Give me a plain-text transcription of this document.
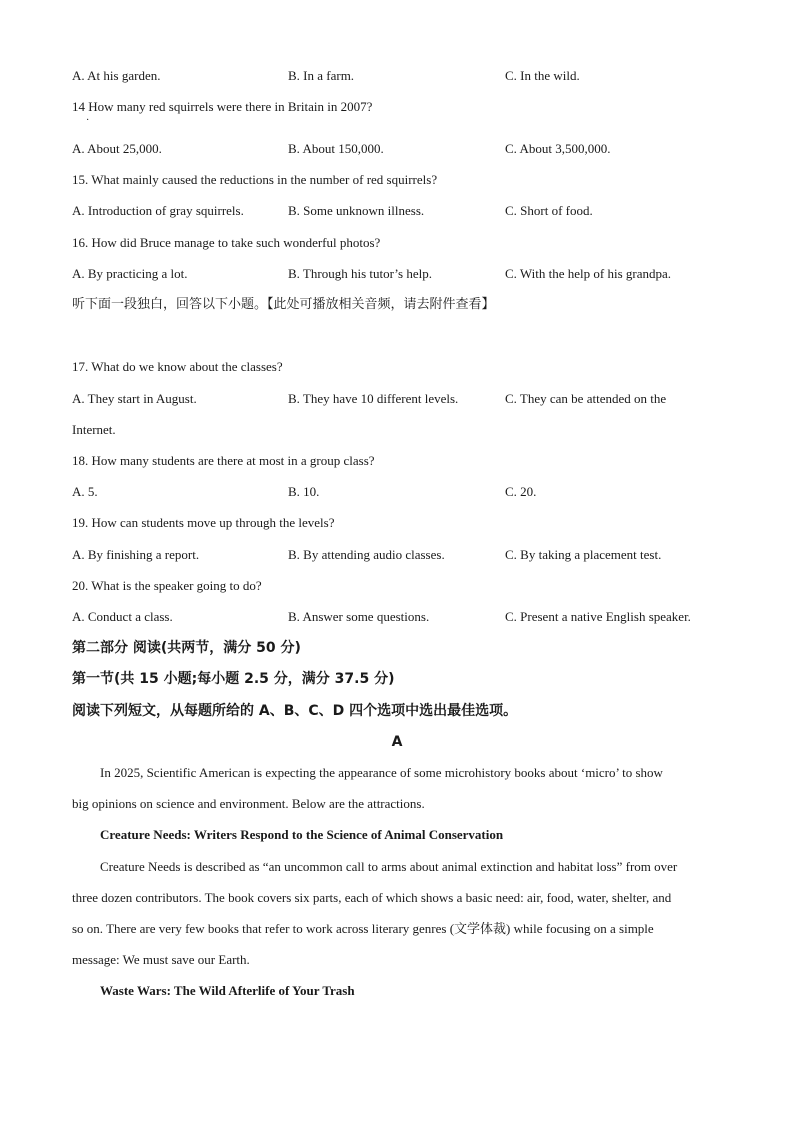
A. At his garden.	B. In a farm.	C. In the wild.
14 How many red squirrels were there in Britain in 2007?
·
A. About 25,000.	B. About 150,000.	C. About 3,500,000.
15. What mainly caused the reductions in the number of red squirrels?
A. Introduction of gray squirrels.	B. Some unknown illness.	C. Short of food.
16. How did Bruce manage to take such wonderful photos?
A. By practicing a lot.	B. Through his tutor’s help.	C. With the help of his grandpa.
听下面一段独白，回答以下小题。【此处可播放相关音频，请去附件查看】
17. What do we know about the classes?
A. They start in August.	B. They have 10 different levels.	C. They can be attended on the
Internet.
18. How many students are there at most in a group class?
A. 5.	B. 10.	C. 20.
19. How can students move up through the levels?
A. By finishing a report.	B. By attending audio classes.	C. By taking a placement test.
20. What is the speaker going to do?
A. Conduct a class.	B. Answer some questions.	C. Present a native English speaker.
第二部分 阅读(共两节，满分 50 分)
第一节(共 15 小题;每小题 2.5 分，满分 37.5 分)
阅读下列短文，从每题所给的 A、B、C、D 四个选项中选出最佳选项。
A
In 2025, Scientific American is expecting the appearance of some microhistory books about ‘micro’ to show
big opinions on science and environment. Below are the attractions.
Creature Needs: Writers Respond to the Science of Animal Conservation
Creature Needs is described as “an uncommon call to arms about animal extinction and habitat loss” from over
three dozen contributors. The book covers six parts, each of which shows a basic need: air, food, water, shelter, and
so on. There are very few books that refer to work across literary genres (文学体裁) while focusing on a simple
message: We must save our Earth.
Waste Wars: The Wild Afterlife of Your Trash
